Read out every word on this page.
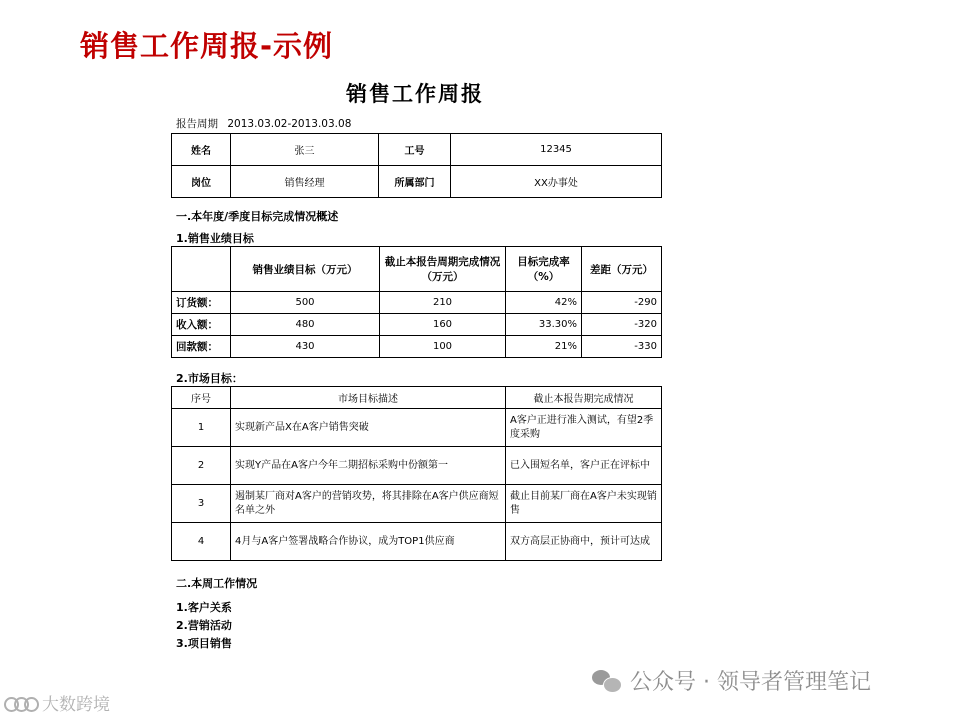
销售工作周报-示例
销售工作周报
报告周期 2013.03.02-2013.03.08
姓名	张三	工号	12345
岗位	销售经理	所属部门	XX办事处
一.本年度/季度目标完成情况概述
1.销售业绩目标
	销售业绩目标（万元）	截止本报告周期完成情况（万元）	目标完成率（%）	差距（万元）
订货额：	500	210	42%	-290
收入额：	480	160	33.30%	-320
回款额：	430	100	21%	-330
2.市场目标：
序号	市场目标描述	截止本报告期完成情况
1	实现新产品X在A客户销售突破	A客户正进行准入测试，有望2季度采购
2	实现Y产品在A客户今年二期招标采购中份额第一	已入围短名单，客户正在评标中
3	遏制某厂商对A客户的营销攻势，将其排除在A客户供应商短名单之外	截止目前某厂商在A客户未实现销售
4	4月与A客户签署战略合作协议，成为TOP1供应商	双方高层正协商中，预计可达成
二.本周工作情况
1.客户关系
2.营销活动
3.项目销售
公众号 · 领导者管理笔记
大数跨境
